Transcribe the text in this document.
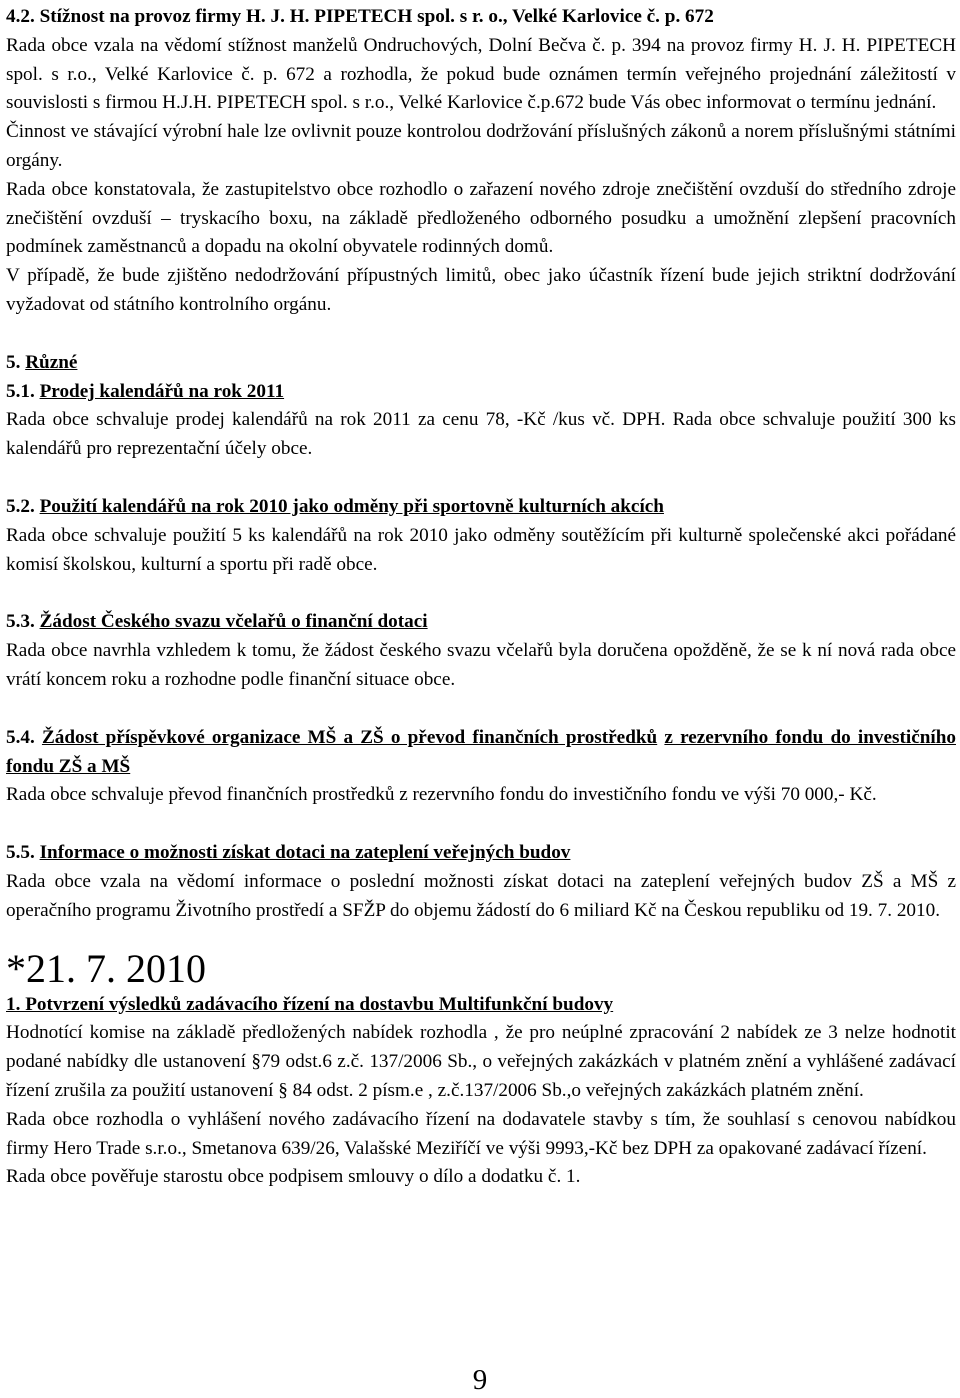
4.2. Stížnost na provoz firmy H. J. H. PIPETECH spol. s r. o., Velké Karlovice č. p. 672

Rada obce vzala na vědomí stížnost manželů Ondruchových, Dolní Bečva č. p. 394 na provoz firmy H. J. H. PIPETECH spol. s r.o., Velké Karlovice č. p. 672 a rozhodla, že pokud bude oznámen termín veřejného projednání záležitostí v souvislosti s firmou H.J.H. PIPETECH spol. s r.o., Velké Karlovice č.p.672 bude Vás obec informovat o termínu jednání.

Činnost ve stávající výrobní hale lze ovlivnit pouze kontrolou dodržování příslušných zákonů a norem příslušnými státními orgány.

Rada obce konstatovala, že zastupitelstvo obce rozhodlo o zařazení nového zdroje znečištění ovzduší do středního zdroje znečištění ovzduší – tryskacího boxu, na základě předloženého odborného posudku a umožnění zlepšení pracovních podmínek zaměstnanců a dopadu na okolní obyvatele rodinných domů.

V případě, že bude zjištěno nedodržování přípustných limitů, obec jako účastník řízení bude jejich striktní dodržování vyžadovat od státního kontrolního orgánu.

5. Různé

5.1. Prodej kalendářů na rok 2011

Rada obce schvaluje prodej kalendářů na rok 2011 za cenu 78, -Kč /kus vč. DPH. Rada obce schvaluje použití 300 ks kalendářů pro reprezentační účely obce.

5.2. Použití kalendářů na rok 2010 jako odměny při sportovně kulturních akcích

Rada obce schvaluje použití 5 ks kalendářů na rok 2010 jako odměny soutěžícím při kulturně společenské akci pořádané komisí školskou, kulturní a sportu při radě obce.

5.3. Žádost Českého svazu včelařů o finanční dotaci

Rada obce navrhla vzhledem k tomu, že žádost českého svazu včelařů byla doručena opožděně, že se k ní nová rada obce vrátí koncem roku a rozhodne podle finanční situace obce.

5.4. Žádost příspěvkové organizace MŠ a ZŠ o převod finančních prostředků z rezervního fondu do investičního fondu ZŠ a MŠ

Rada obce schvaluje převod finančních prostředků z rezervního fondu do investičního fondu ve výši 70 000,- Kč.

5.5. Informace o možnosti získat dotaci na zateplení veřejných budov

Rada obce vzala na vědomí informace o poslední možnosti získat dotaci na zateplení veřejných budov ZŠ a MŠ z operačního programu Životního prostředí a SFŽP do objemu žádostí do 6 miliard Kč na Českou republiku od 19. 7. 2010.

*21. 7. 2010

1. Potvrzení výsledků zadávacího řízení na dostavbu Multifunkční budovy

Hodnotící komise na základě předložených nabídek rozhodla , že pro neúplné zpracování 2 nabídek ze 3 nelze hodnotit podané nabídky dle ustanovení §79 odst.6 z.č. 137/2006 Sb., o veřejných zakázkách v platném znění a vyhlášené zadávací řízení zrušila za použití ustanovení § 84 odst. 2 písm.e , z.č.137/2006 Sb.,o veřejných zakázkách platném znění.

Rada obce rozhodla o vyhlášení nového zadávacího řízení na dodavatele stavby s tím, že souhlasí s cenovou nabídkou firmy Hero Trade s.r.o., Smetanova 639/26, Valašské Meziříčí ve výši 9993,-Kč bez DPH za opakované zadávací řízení.

Rada obce pověřuje starostu obce podpisem smlouvy o dílo a dodatku č. 1.

9
